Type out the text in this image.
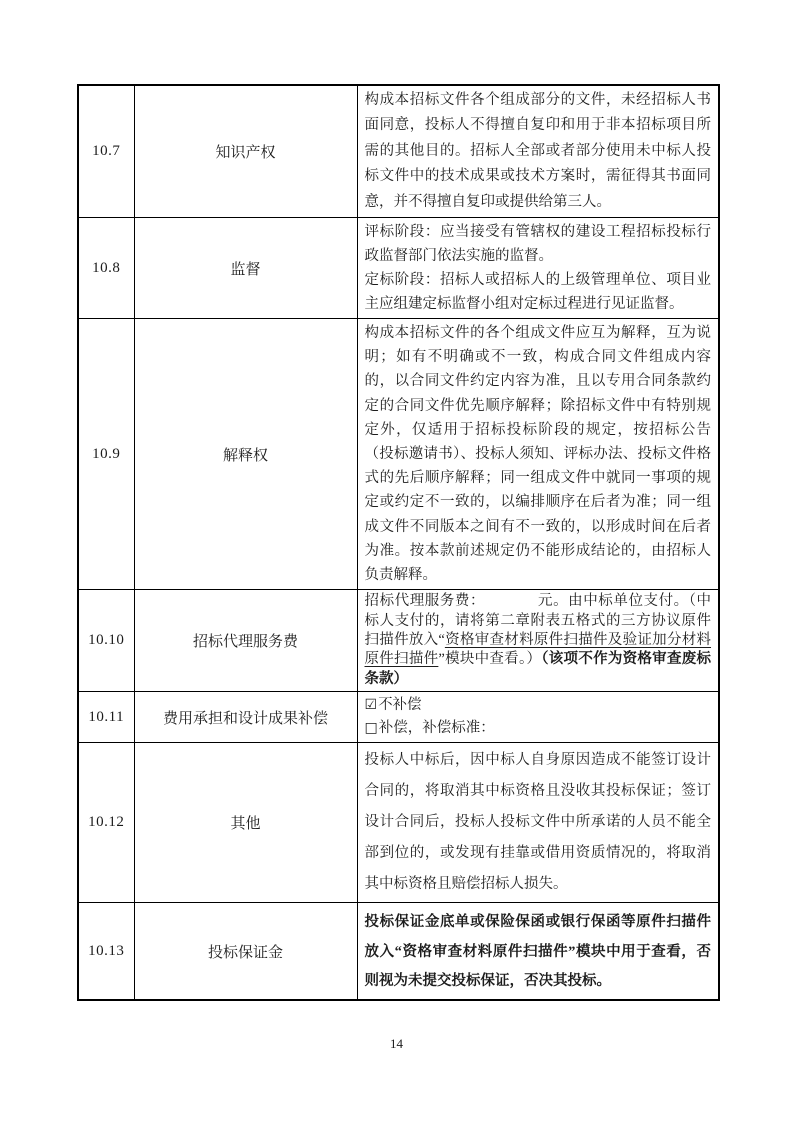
10.7	知识产权	构成本招标文件各个组成部分的文件，未经招标人书面同意，投标人不得擅自复印和用于非本招标项目所需的其他目的。招标人全部或者部分使用未中标人投标文件中的技术成果或技术方案时，需征得其书面同意，并不得擅自复印或提供给第三人。

10.8	监督	评标阶段：应当接受有管辖权的建设工程招标投标行政监督部门依法实施的监督。
定标阶段：招标人或招标人的上级管理单位、项目业主应组建定标监督小组对定标过程进行见证监督。

10.9	解释权	构成本招标文件的各个组成文件应互为解释，互为说明；如有不明确或不一致，构成合同文件组成内容的，以合同文件约定内容为准，且以专用合同条款约定的合同文件优先顺序解释；除招标文件中有特别规定外，仅适用于招标投标阶段的规定，按招标公告（投标邀请书）、投标人须知、评标办法、投标文件格式的先后顺序解释；同一组成文件中就同一事项的规定或约定不一致的，以编排顺序在后者为准；同一组成文件不同版本之间有不一致的，以形成时间在后者为准。按本款前述规定仍不能形成结论的，由招标人负责解释。

10.10	招标代理服务费	招标代理服务费：　　　　 元。由中标单位支付。（中标人支付的，请将第二章附表五格式的三方协议原件扫描件放入“资格审查材料原件扫描件及验证加分材料原件扫描件”模块中查看。）（该项不作为资格审查废标条款）

10.11	费用承担和设计成果补偿	☑不补偿
□补偿，补偿标准：

10.12	其他	投标人中标后，因中标人自身原因造成不能签订设计合同的，将取消其中标资格且没收其投标保证；签订设计合同后，投标人投标文件中所承诺的人员不能全部到位的，或发现有挂靠或借用资质情况的，将取消其中标资格且赔偿招标人损失。

10.13	投标保证金	投标保证金底单或保险保函或银行保函等原件扫描件放入“资格审查材料原件扫描件”模块中用于查看，否则视为未提交投标保证，否决其投标。
14
